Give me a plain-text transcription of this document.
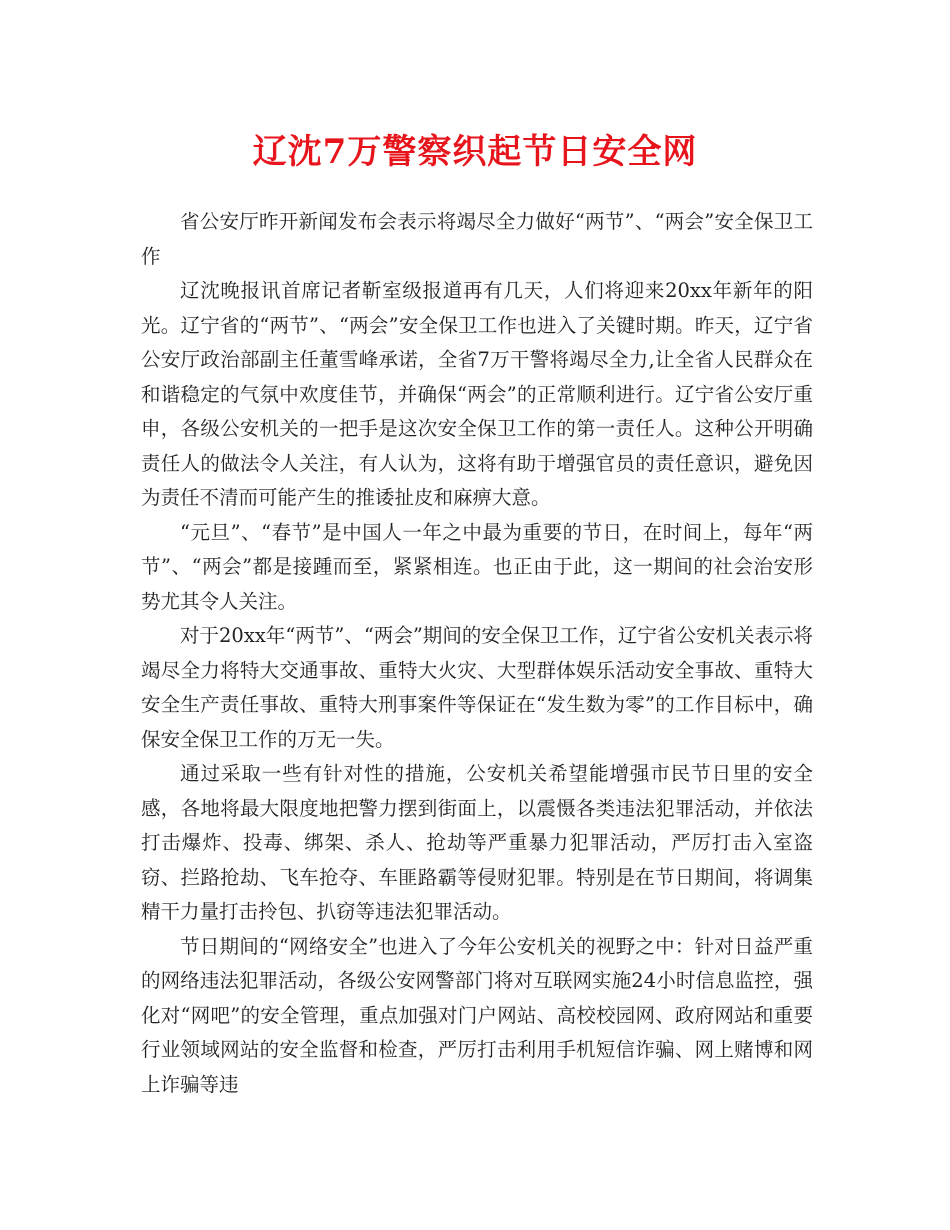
辽沈7万警察织起节日安全网

省公安厅昨开新闻发布会表示将竭尽全力做好“两节”、“两会”安全保卫工作

辽沈晚报讯首席记者靳室级报道再有几天，人们将迎来20xx年新年的阳光。辽宁省的“两节”、“两会”安全保卫工作也进入了关键时期。昨天，辽宁省公安厅政治部副主任董雪峰承诺，全省7万干警将竭尽全力,让全省人民群众在和谐稳定的气氛中欢度佳节，并确保“两会”的正常顺利进行。辽宁省公安厅重申，各级公安机关的一把手是这次安全保卫工作的第一责任人。这种公开明确责任人的做法令人关注，有人认为，这将有助于增强官员的责任意识，避免因为责任不清而可能产生的推诿扯皮和麻痹大意。

“元旦”、“春节”是中国人一年之中最为重要的节日，在时间上，每年“两节”、“两会”都是接踵而至，紧紧相连。也正由于此，这一期间的社会治安形势尤其令人关注。

对于20xx年“两节”、“两会”期间的安全保卫工作，辽宁省公安机关表示将竭尽全力将特大交通事故、重特大火灾、大型群体娱乐活动安全事故、重特大安全生产责任事故、重特大刑事案件等保证在“发生数为零”的工作目标中，确保安全保卫工作的万无一失。

通过采取一些有针对性的措施，公安机关希望能增强市民节日里的安全感，各地将最大限度地把警力摆到街面上，以震慑各类违法犯罪活动，并依法打击爆炸、投毒、绑架、杀人、抢劫等严重暴力犯罪活动，严厉打击入室盗窃、拦路抢劫、飞车抢夺、车匪路霸等侵财犯罪。特别是在节日期间，将调集精干力量打击拎包、扒窃等违法犯罪活动。

节日期间的“网络安全”也进入了今年公安机关的视野之中：针对日益严重的网络违法犯罪活动，各级公安网警部门将对互联网实施24小时信息监控，强化对“网吧”的安全管理，重点加强对门户网站、高校校园网、政府网站和重要行业领域网站的安全监督和检查，严厉打击利用手机短信诈骗、网上赌博和网上诈骗等违
